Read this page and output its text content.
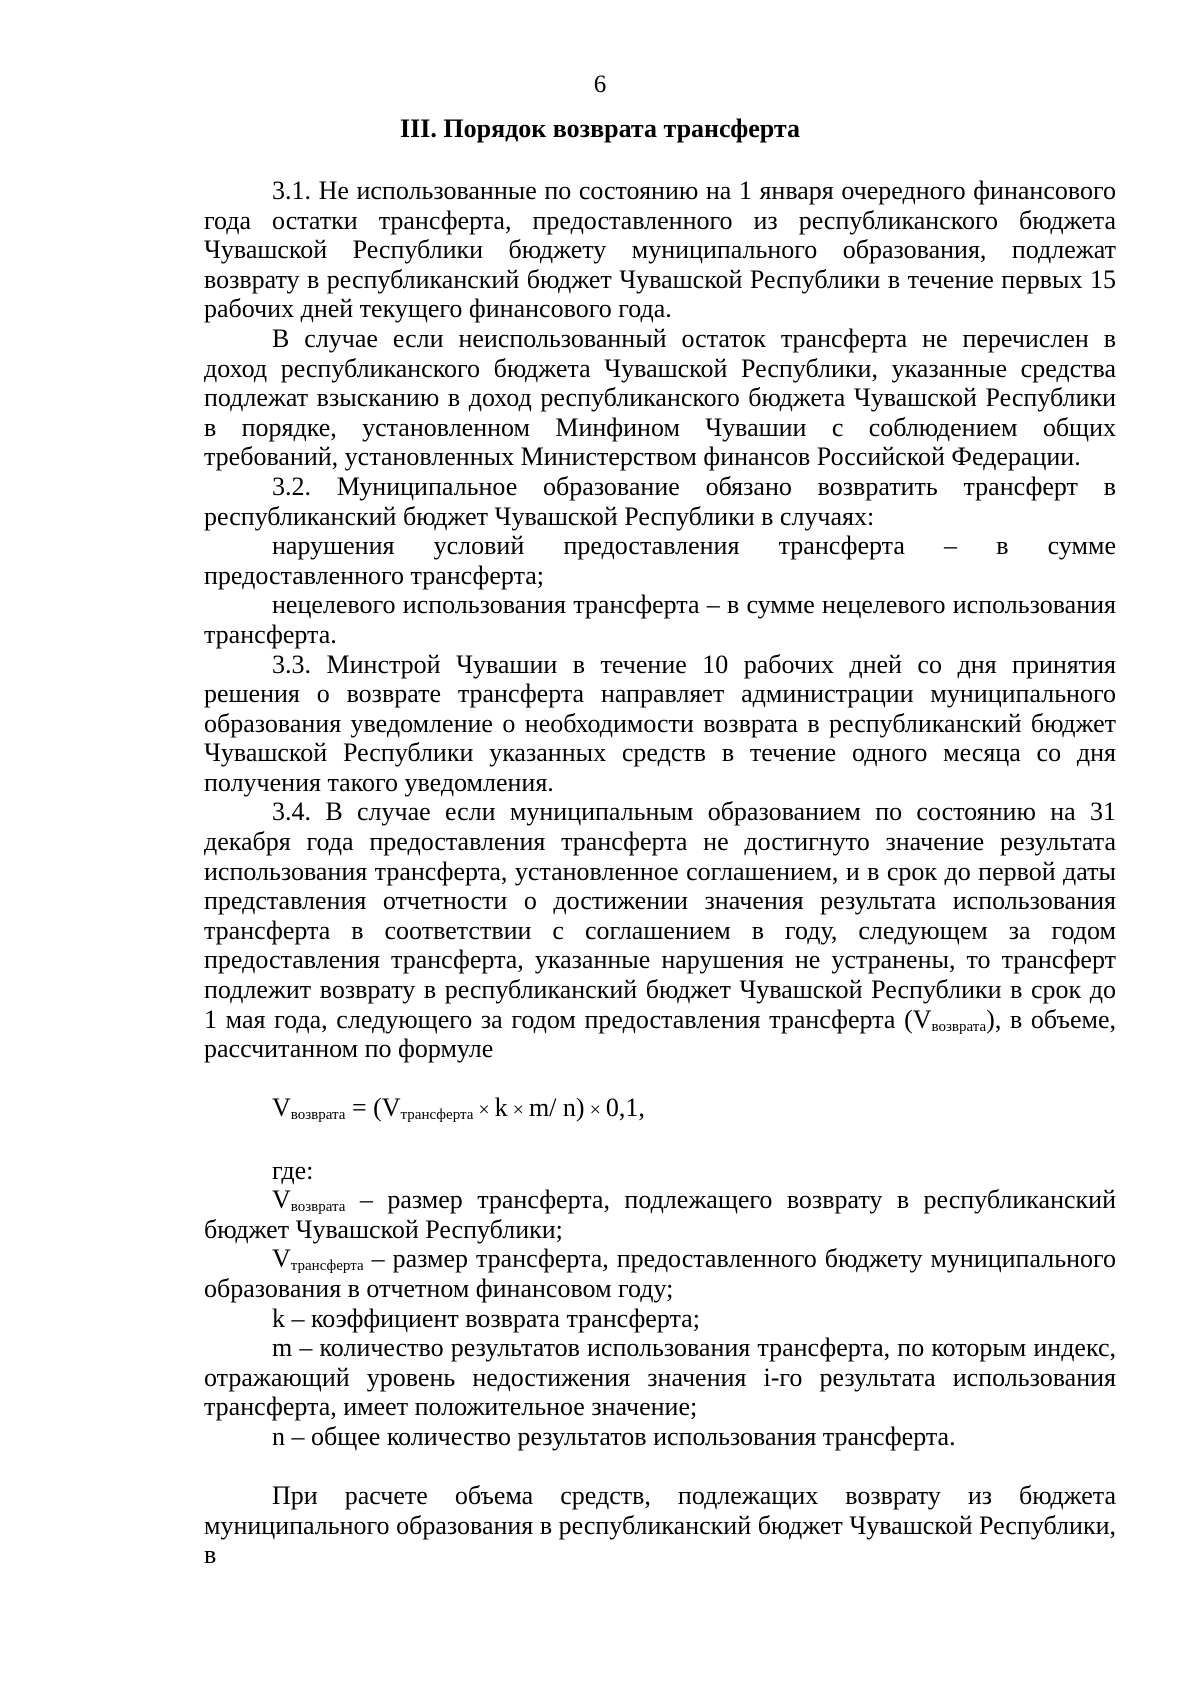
6
III. Порядок возврата трансферта

3.1. Не использованные по состоянию на 1 января очередного финансового года остатки трансферта, предоставленного из республиканского бюджета Чувашской Республики бюджету муниципального образования, подлежат возврату в республиканский бюджет Чувашской Республики в течение первых 15 рабочих дней текущего финансового года.

В случае если неиспользованный остаток трансферта не перечислен в доход республиканского бюджета Чувашской Республики, указанные средства подлежат взысканию в доход республиканского бюджета Чувашской Республики в порядке, установленном Минфином Чувашии с соблюдением общих требований, установленных Министерством финансов Российской Федерации.

3.2. Муниципальное образование обязано возвратить трансферт в республиканский бюджет Чувашской Республики в случаях:

нарушения условий предоставления трансферта – в сумме предоставленного трансферта;

нецелевого использования трансферта – в сумме нецелевого использования трансферта.

3.3. Минстрой Чувашии в течение 10 рабочих дней со дня принятия решения о возврате трансферта направляет администрации муниципального образования уведомление о необходимости возврата в республиканский бюджет Чувашской Республики указанных средств в течение одного месяца со дня получения такого уведомления.

3.4. В случае если муниципальным образованием по состоянию на 31 декабря года предоставления трансферта не достигнуто значение результата использования трансферта, установленное соглашением, и в срок до первой даты представления отчетности о достижении значения результата использования трансферта в соответствии с соглашением в году, следующем за годом предоставления трансферта, указанные нарушения не устранены, то трансферт подлежит возврату в республиканский бюджет Чувашской Республики в срок до 1 мая года, следующего за годом предоставления трансферта $(V_{возврата})$, в объеме, рассчитанном по формуле

$V_{возврата} = (V_{трансферта} \times k \times m/$ n) × 0,1,

где:

$V_{возврата}$ – размер трансферта, подлежащего возврату в республиканский бюджет Чувашской Республики;

$V_{трансферта}$ – размер трансферта, предоставленного бюджету муниципального образования в отчетном финансовом году;

k – коэффициент возврата трансферта;

m – количество результатов использования трансферта, по которым индекс, отражающий уровень недостижения значения i-го результата использования трансферта, имеет положительное значение;

n – общее количество результатов использования трансферта.

При расчете объема средств, подлежащих возврату из бюджета муниципального образования в республиканский бюджет Чувашской Республики, в
